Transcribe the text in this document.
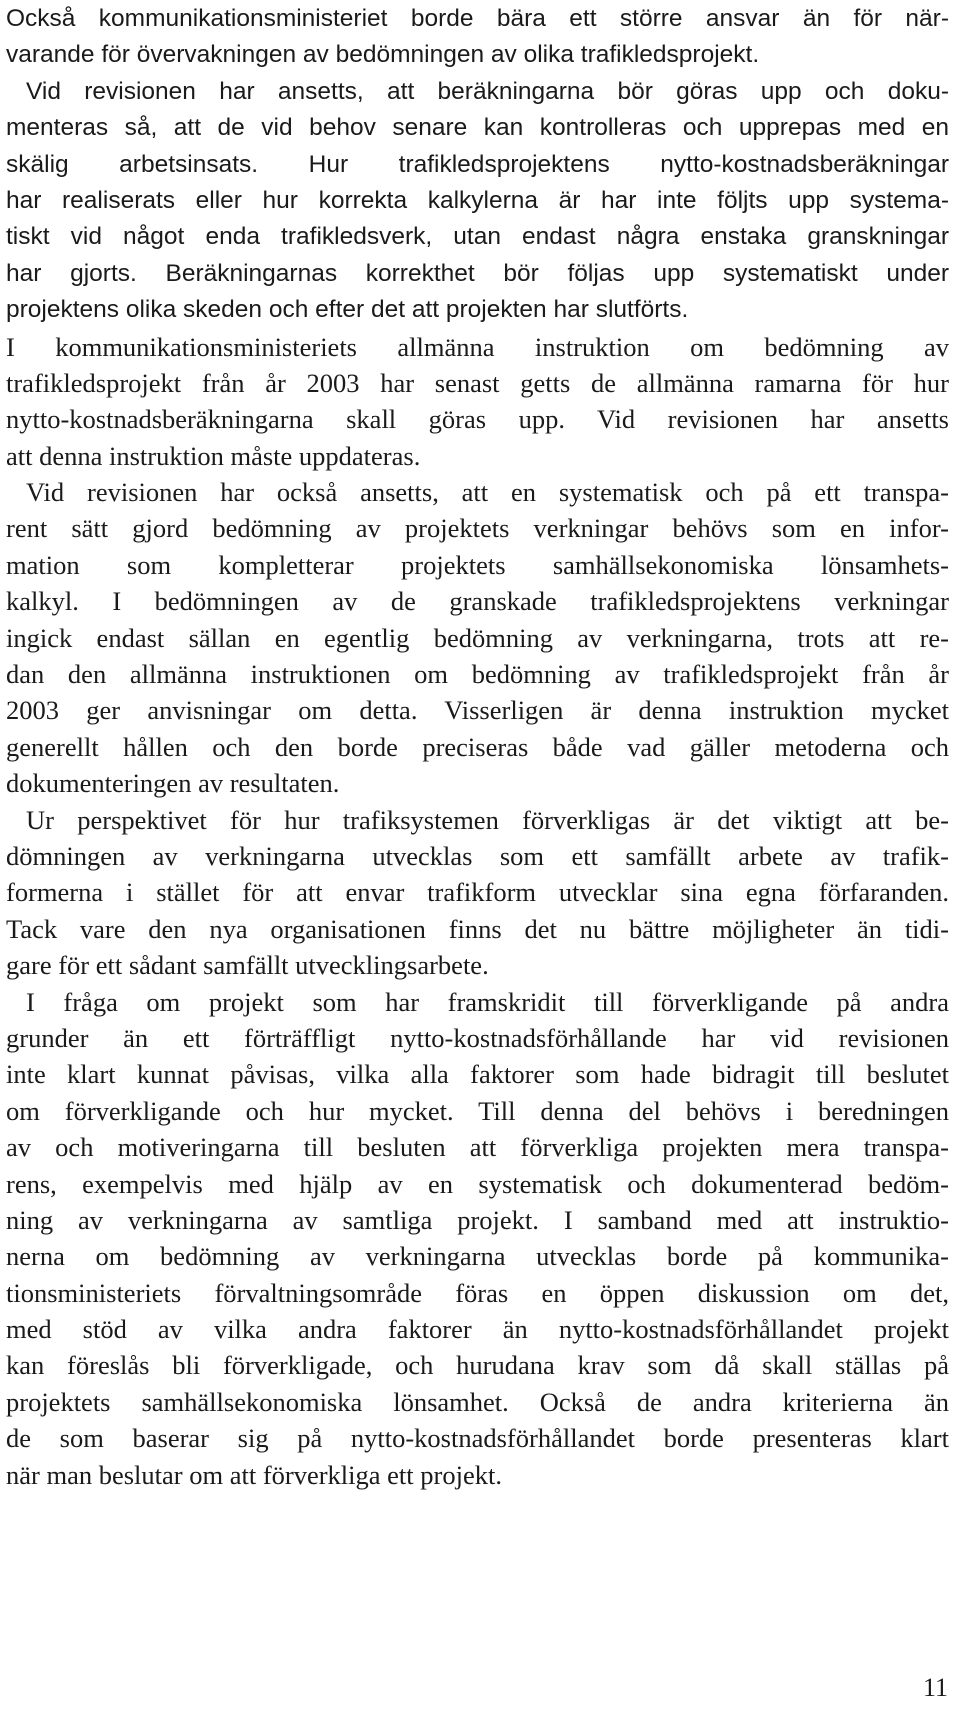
Också kommunikationsministeriet borde bära ett större ansvar än för när-
varande för övervakningen av bedömningen av olika trafikledsprojekt.
Vid revisionen har ansetts, att beräkningarna bör göras upp och doku-
menteras så, att de vid behov senare kan kontrolleras och upprepas med en
skälig arbetsinsats. Hur trafikledsprojektens nytto-kostnadsberäkningar
har realiserats eller hur korrekta kalkylerna är har inte följts upp systema-
tiskt vid något enda trafikledsverk, utan endast några enstaka granskningar
har gjorts. Beräkningarnas korrekthet bör följas upp systematiskt under
projektens olika skeden och efter det att projekten har slutförts.
I kommunikationsministeriets allmänna instruktion om bedömning av
trafikledsprojekt från år 2003 har senast getts de allmänna ramarna för hur
nytto-kostnadsberäkningarna skall göras upp. Vid revisionen har ansetts
att denna instruktion måste uppdateras.
Vid revisionen har också ansetts, att en systematisk och på ett transpa-
rent sätt gjord bedömning av projektets verkningar behövs som en infor-
mation som kompletterar projektets samhällsekonomiska lönsamhets-
kalkyl. I bedömningen av de granskade trafikledsprojektens verkningar
ingick endast sällan en egentlig bedömning av verkningarna, trots att re-
dan den allmänna instruktionen om bedömning av trafikledsprojekt från år
2003 ger anvisningar om detta. Visserligen är denna instruktion mycket
generellt hållen och den borde preciseras både vad gäller metoderna och
dokumenteringen av resultaten.
Ur perspektivet för hur trafiksystemen förverkligas är det viktigt att be-
dömningen av verkningarna utvecklas som ett samfällt arbete av trafik-
formerna i stället för att envar trafikform utvecklar sina egna förfaranden.
Tack vare den nya organisationen finns det nu bättre möjligheter än tidi-
gare för ett sådant samfällt utvecklingsarbete.
I fråga om projekt som har framskridit till förverkligande på andra
grunder än ett förträffligt nytto-kostnadsförhållande har vid revisionen
inte klart kunnat påvisas, vilka alla faktorer som hade bidragit till beslutet
om förverkligande och hur mycket. Till denna del behövs i beredningen
av och motiveringarna till besluten att förverkliga projekten mera transpa-
rens, exempelvis med hjälp av en systematisk och dokumenterad bedöm-
ning av verkningarna av samtliga projekt. I samband med att instruktio-
nerna om bedömning av verkningarna utvecklas borde på kommunika-
tionsministeriets förvaltningsområde föras en öppen diskussion om det,
med stöd av vilka andra faktorer än nytto-kostnadsförhållandet projekt
kan föreslås bli förverkligade, och hurudana krav som då skall ställas på
projektets samhällsekonomiska lönsamhet. Också de andra kriterierna än
de som baserar sig på nytto-kostnadsförhållandet borde presenteras klart
när man beslutar om att förverkliga ett projekt.
11
